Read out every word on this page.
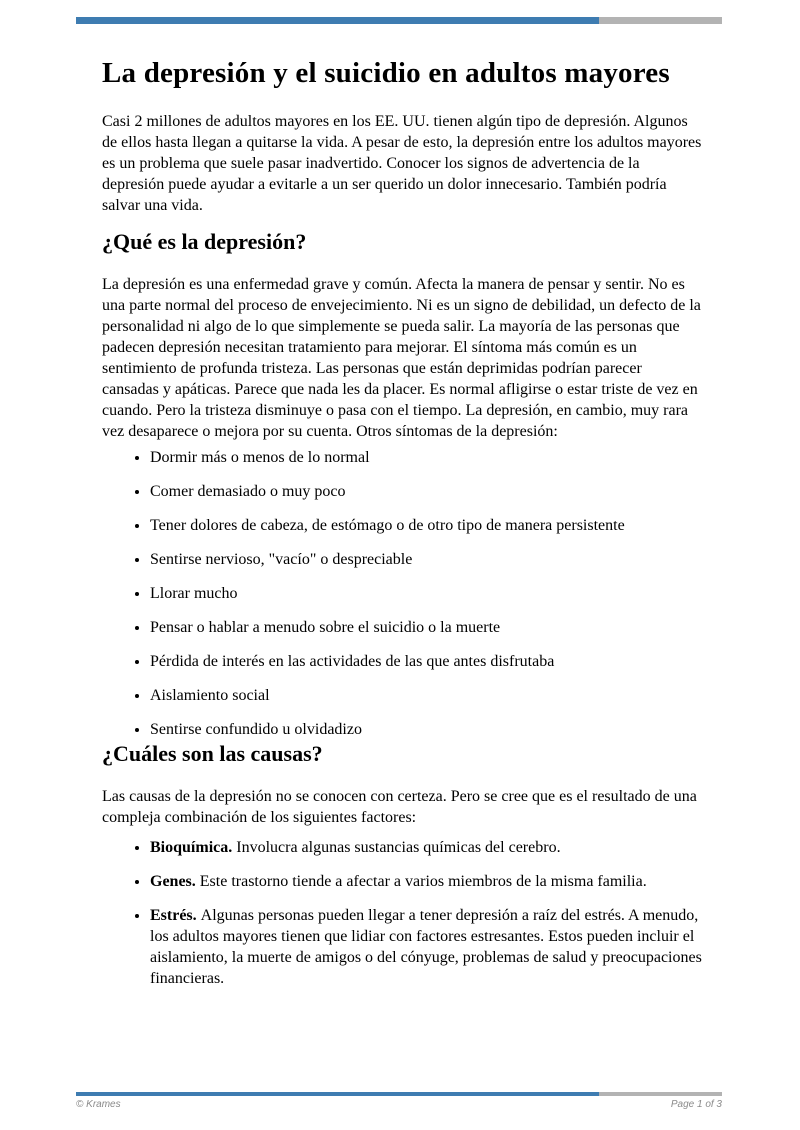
La depresión y el suicidio en adultos mayores

Casi 2 millones de adultos mayores en los EE. UU. tienen algún tipo de depresión. Algunos de ellos hasta llegan a quitarse la vida. A pesar de esto, la depresión entre los adultos mayores es un problema que suele pasar inadvertido. Conocer los signos de advertencia de la depresión puede ayudar a evitarle a un ser querido un dolor innecesario. También podría salvar una vida.

¿Qué es la depresión?

La depresión es una enfermedad grave y común. Afecta la manera de pensar y sentir. No es una parte normal del proceso de envejecimiento. Ni es un signo de debilidad, un defecto de la personalidad ni algo de lo que simplemente se pueda salir. La mayoría de las personas que padecen depresión necesitan tratamiento para mejorar. El síntoma más común es un sentimiento de profunda tristeza. Las personas que están deprimidas podrían parecer cansadas y apáticas. Parece que nada les da placer. Es normal afligirse o estar triste de vez en cuando. Pero la tristeza disminuye o pasa con el tiempo. La depresión, en cambio, muy rara vez desaparece o mejora por su cuenta. Otros síntomas de la depresión:

• Dormir más o menos de lo normal
• Comer demasiado o muy poco
• Tener dolores de cabeza, de estómago o de otro tipo de manera persistente
• Sentirse nervioso, "vacío" o despreciable
• Llorar mucho
• Pensar o hablar a menudo sobre el suicidio o la muerte
• Pérdida de interés en las actividades de las que antes disfrutaba
• Aislamiento social
• Sentirse confundido u olvidadizo
¿Cuáles son las causas?

Las causas de la depresión no se conocen con certeza. Pero se cree que es el resultado de una compleja combinación de los siguientes factores:

• Bioquímica. Involucra algunas sustancias químicas del cerebro.
• Genes. Este trastorno tiende a afectar a varios miembros de la misma familia.
• Estrés. Algunas personas pueden llegar a tener depresión a raíz del estrés. A menudo, los adultos mayores tienen que lidiar con factores estresantes. Estos pueden incluir el aislamiento, la muerte de amigos o del cónyuge, problemas de salud y preocupaciones financieras.
© Krames	Page 1 of 3
